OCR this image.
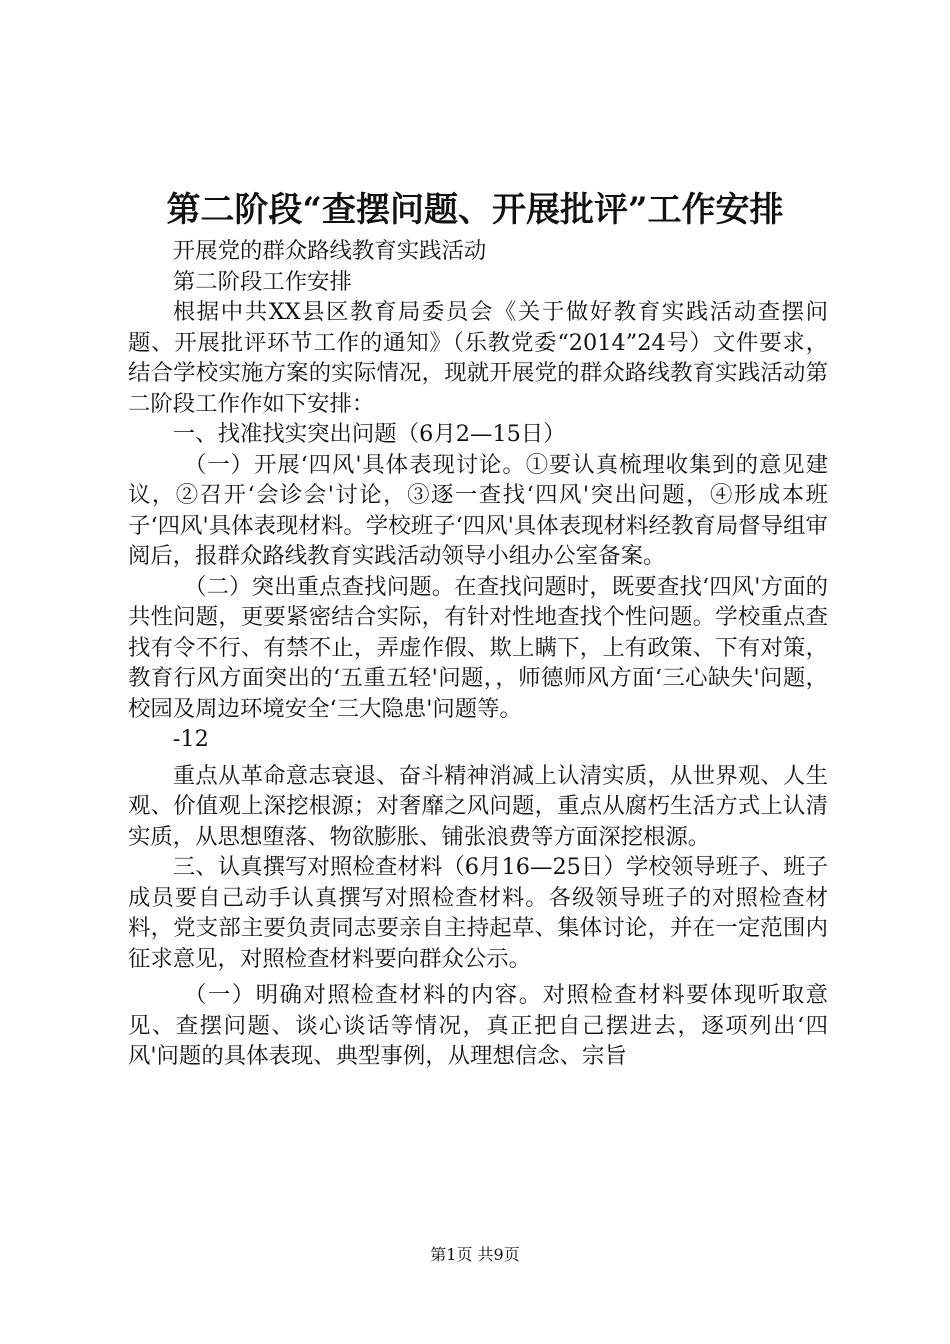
第二阶段“查摆问题、开展批评”工作安排

开展党的群众路线教育实践活动

第二阶段工作安排

根据中共XX县区教育局委员会《关于做好教育实践活动查摆问题、开展批评环节工作的通知》（乐教党委“2014”24号）文件要求，结合学校实施方案的实际情况，现就开展党的群众路线教育实践活动第二阶段工作作如下安排：

一、找准找实突出问题（6月2—15日）

（一）开展‘四风'具体表现讨论。①要认真梳理收集到的意见建议，②召开‘会诊会'讨论，③逐一查找‘四风'突出问题，④形成本班子‘四风'具体表现材料。学校班子‘四风'具体表现材料经教育局督导组审阅后，报群众路线教育实践活动领导小组办公室备案。

（二）突出重点查找问题。在查找问题时，既要查找‘四风'方面的共性问题，更要紧密结合实际，有针对性地查找个性问题。学校重点查找有令不行、有禁不止，弄虚作假、欺上瞒下，上有政策、下有对策，教育行风方面突出的‘五重五轻'问题，，师德师风方面‘三心缺失'问题，校园及周边环境安全‘三大隐患'问题等。

-12

重点从革命意志衰退、奋斗精神消减上认清实质，从世界观、人生观、价值观上深挖根源；对奢靡之风问题，重点从腐朽生活方式上认清实质，从思想堕落、物欲膨胀、铺张浪费等方面深挖根源。

三、认真撰写对照检查材料（6月16—25日）学校领导班子、班子成员要自己动手认真撰写对照检查材料。各级领导班子的对照检查材料，党支部主要负责同志要亲自主持起草、集体讨论，并在一定范围内征求意见，对照检查材料要向群众公示。

（一）明确对照检查材料的内容。对照检查材料要体现听取意见、查摆问题、谈心谈话等情况，真正把自己摆进去，逐项列出‘四风'问题的具体表现、典型事例，从理想信念、宗旨

第1页 共9页
